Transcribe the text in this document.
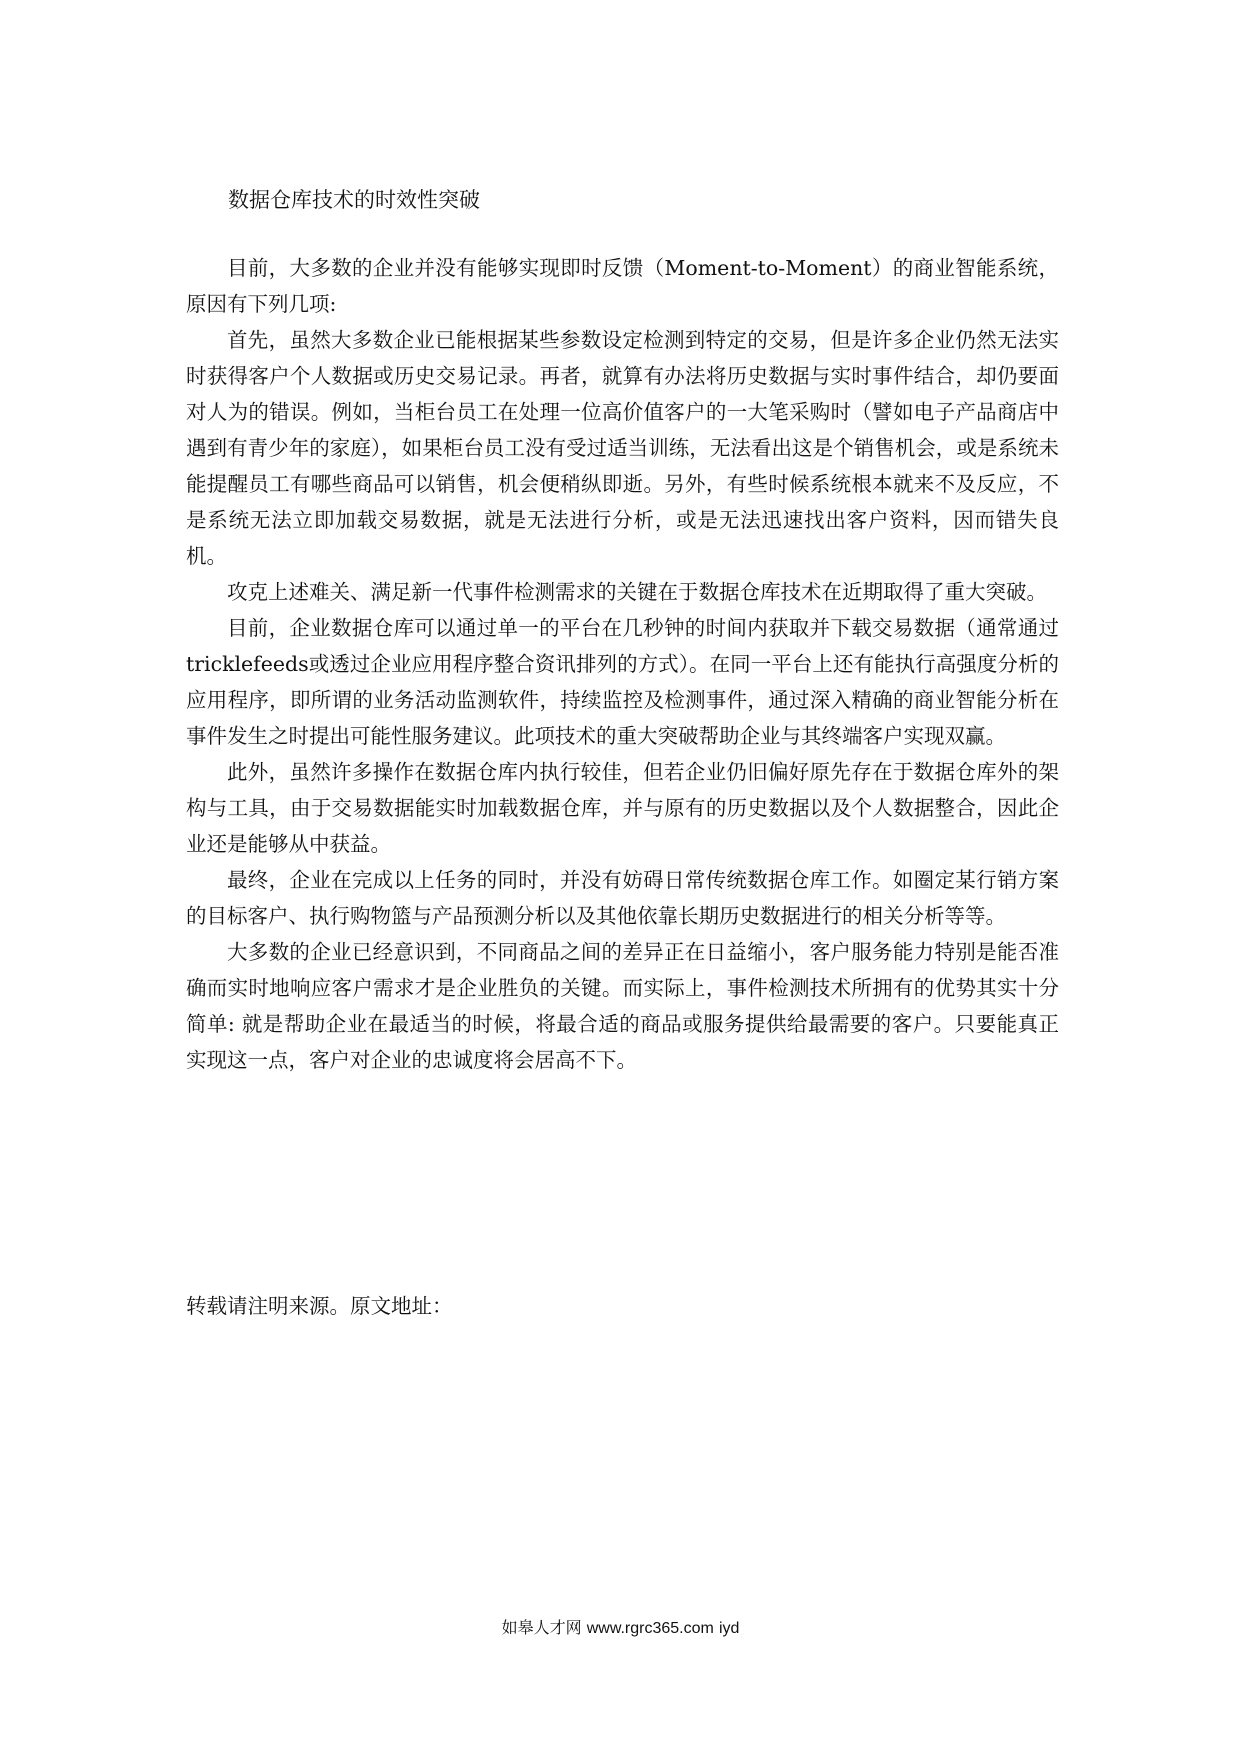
数据仓库技术的时效性突破

目前，大多数的企业并没有能够实现即时反馈（Moment-to-Moment）的商业智能系统，原因有下列几项:

首先，虽然大多数企业已能根据某些参数设定检测到特定的交易，但是许多企业仍然无法实时获得客户个人数据或历史交易记录。再者，就算有办法将历史数据与实时事件结合，却仍要面对人为的错误。例如，当柜台员工在处理一位高价值客户的一大笔采购时（譬如电子产品商店中遇到有青少年的家庭），如果柜台员工没有受过适当训练，无法看出这是个销售机会，或是系统未能提醒员工有哪些商品可以销售，机会便稍纵即逝。另外，有些时候系统根本就来不及反应，不是系统无法立即加载交易数据，就是无法进行分析，或是无法迅速找出客户资料，因而错失良机。

攻克上述难关、满足新一代事件检测需求的关键在于数据仓库技术在近期取得了重大突破。

目前，企业数据仓库可以通过单一的平台在几秒钟的时间内获取并下载交易数据（通常通过tricklefeeds或透过企业应用程序整合资讯排列的方式）。在同一平台上还有能执行高强度分析的应用程序，即所谓的业务活动监测软件，持续监控及检测事件，通过深入精确的商业智能分析在事件发生之时提出可能性服务建议。此项技术的重大突破帮助企业与其终端客户实现双赢。

此外，虽然许多操作在数据仓库内执行较佳，但若企业仍旧偏好原先存在于数据仓库外的架构与工具，由于交易数据能实时加载数据仓库，并与原有的历史数据以及个人数据整合，因此企业还是能够从中获益。

最终，企业在完成以上任务的同时，并没有妨碍日常传统数据仓库工作。如圈定某行销方案的目标客户、执行购物篮与产品预测分析以及其他依靠长期历史数据进行的相关分析等等。

大多数的企业已经意识到，不同商品之间的差异正在日益缩小，客户服务能力特别是能否准确而实时地响应客户需求才是企业胜负的关键。而实际上，事件检测技术所拥有的优势其实十分简单: 就是帮助企业在最适当的时候，将最合适的商品或服务提供给最需要的客户。只要能真正实现这一点，客户对企业的忠诚度将会居高不下。

转载请注明来源。原文地址：
如皋人才网 www.rgrc365.com iyd
